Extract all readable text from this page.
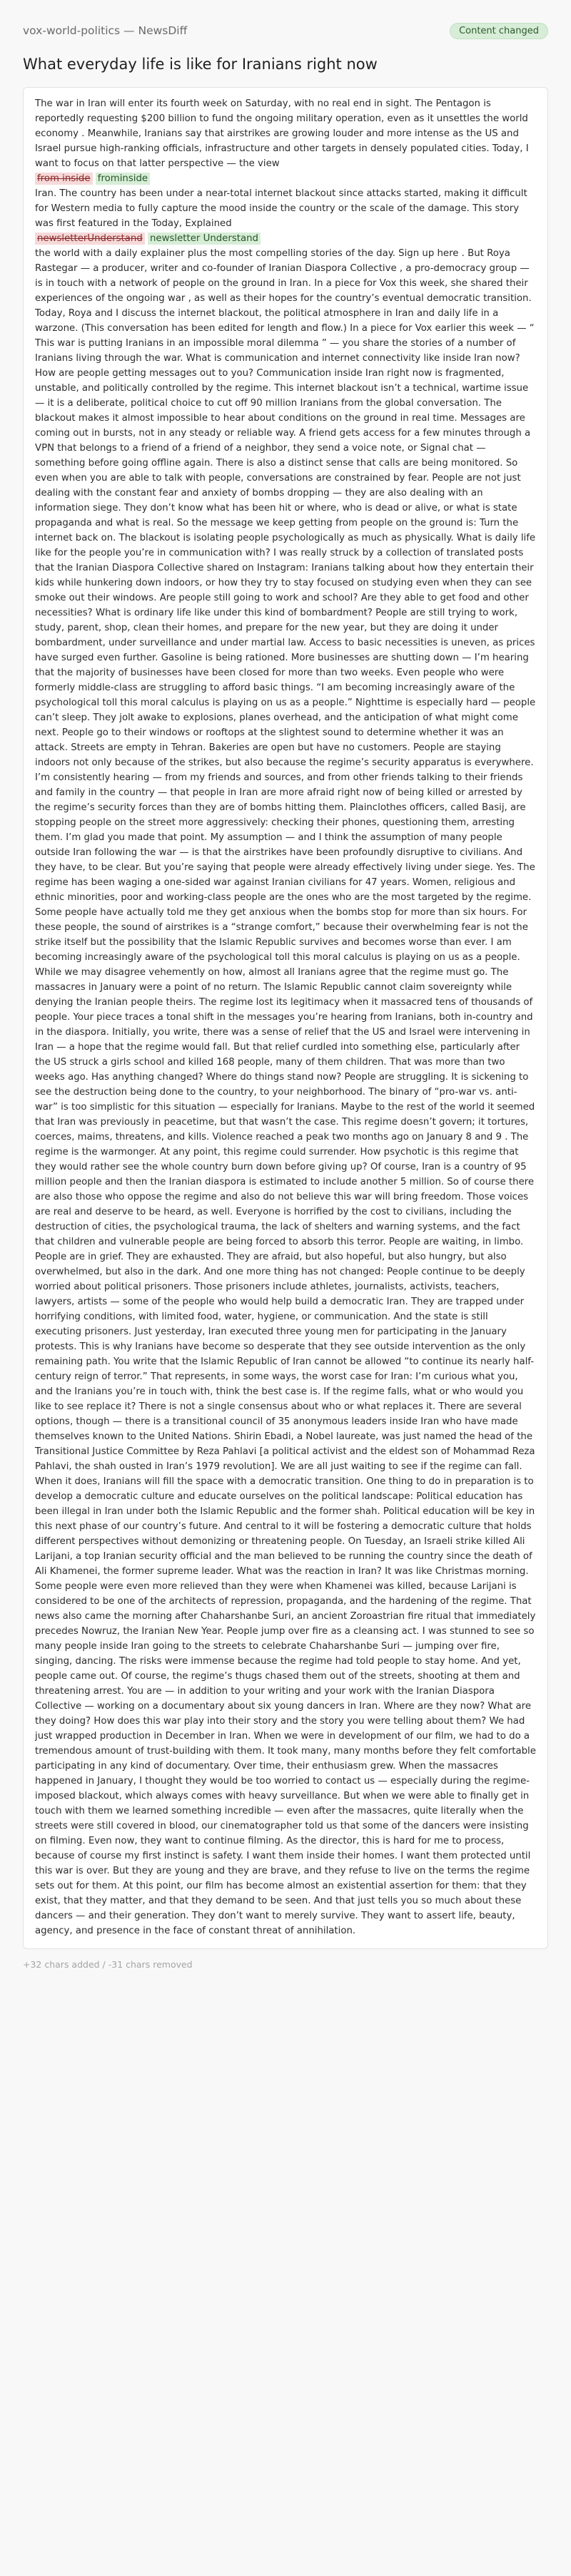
vox-world-politics — NewsDiff	Content changed
What everyday life is like for Iranians right now

The war in Iran will enter its fourth week on Saturday, with no real end in sight. The Pentagon is reportedly requesting $200 billion to fund the ongoing military operation, even as it unsettles the world economy . Meanwhile, Iranians say that airstrikes are growing louder and more intense as the US and Israel pursue high-ranking officials, infrastructure and other targets in densely populated cities. Today, I want to focus on that latter perspective — the view

from inside frominside

Iran. The country has been under a near-total internet blackout since attacks started, making it difficult for Western media to fully capture the mood inside the country or the scale of the damage. This story was first featured in the Today, Explained

newsletterUnderstand newsletter Understand

the world with a daily explainer plus the most compelling stories of the day. Sign up here . But Roya Rastegar — a producer, writer and co-founder of Iranian Diaspora Collective , a pro-democracy group — is in touch with a network of people on the ground in Iran. In a piece for Vox this week, she shared their experiences of the ongoing war , as well as their hopes for the country’s eventual democratic transition. Today, Roya and I discuss the internet blackout, the political atmosphere in Iran and daily life in a warzone. (This conversation has been edited for length and flow.) In a piece for Vox earlier this week — “ This war is putting Iranians in an impossible moral dilemma ” — you share the stories of a number of Iranians living through the war. What is communication and internet connectivity like inside Iran now? How are people getting messages out to you? Communication inside Iran right now is fragmented, unstable, and politically controlled by the regime. This internet blackout isn’t a technical, wartime issue — it is a deliberate, political choice to cut off 90 million Iranians from the global conversation. The blackout makes it almost impossible to hear about conditions on the ground in real time. Messages are coming out in bursts, not in any steady or reliable way. A friend gets access for a few minutes through a VPN that belongs to a friend of a friend of a neighbor, they send a voice note, or Signal chat — something before going offline again. There is also a distinct sense that calls are being monitored. So even when you are able to talk with people, conversations are constrained by fear. People are not just dealing with the constant fear and anxiety of bombs dropping — they are also dealing with an information siege. They don’t know what has been hit or where, who is dead or alive, or what is state propaganda and what is real. So the message we keep getting from people on the ground is: Turn the internet back on. The blackout is isolating people psychologically as much as physically. What is daily life like for the people you’re in communication with? I was really struck by a collection of translated posts that the Iranian Diaspora Collective shared on Instagram: Iranians talking about how they entertain their kids while hunkering down indoors, or how they try to stay focused on studying even when they can see smoke out their windows. Are people still going to work and school? Are they able to get food and other necessities? What is ordinary life like under this kind of bombardment? People are still trying to work, study, parent, shop, clean their homes, and prepare for the new year, but they are doing it under bombardment, under surveillance and under martial law. Access to basic necessities is uneven, as prices have surged even further. Gasoline is being rationed. More businesses are shutting down — I’m hearing that the majority of businesses have been closed for more than two weeks. Even people who were formerly middle-class are struggling to afford basic things. “I am becoming increasingly aware of the psychological toll this moral calculus is playing on us as a people.” Nighttime is especially hard — people can’t sleep. They jolt awake to explosions, planes overhead, and the anticipation of what might come next. People go to their windows or rooftops at the slightest sound to determine whether it was an attack. Streets are empty in Tehran. Bakeries are open but have no customers. People are staying indoors not only because of the strikes, but also because the regime’s security apparatus is everywhere. I’m consistently hearing — from my friends and sources, and from other friends talking to their friends and family in the country — that people in Iran are more afraid right now of being killed or arrested by the regime’s security forces than they are of bombs hitting them. Plainclothes officers, called Basij, are stopping people on the street more aggressively: checking their phones, questioning them, arresting them. I’m glad you made that point. My assumption — and I think the assumption of many people outside Iran following the war — is that the airstrikes have been profoundly disruptive to civilians. And they have, to be clear. But you’re saying that people were already effectively living under siege. Yes. The regime has been waging a one-sided war against Iranian civilians for 47 years. Women, religious and ethnic minorities, poor and working-class people are the ones who are the most targeted by the regime. Some people have actually told me they get anxious when the bombs stop for more than six hours. For these people, the sound of airstrikes is a “strange comfort,” because their overwhelming fear is not the strike itself but the possibility that the Islamic Republic survives and becomes worse than ever. I am becoming increasingly aware of the psychological toll this moral calculus is playing on us as a people. While we may disagree vehemently on how, almost all Iranians agree that the regime must go. The massacres in January were a point of no return. The Islamic Republic cannot claim sovereignty while denying the Iranian people theirs. The regime lost its legitimacy when it massacred tens of thousands of people. Your piece traces a tonal shift in the messages you’re hearing from Iranians, both in-country and in the diaspora. Initially, you write, there was a sense of relief that the US and Israel were intervening in Iran — a hope that the regime would fall. But that relief curdled into something else, particularly after the US struck a girls school and killed 168 people, many of them children. That was more than two weeks ago. Has anything changed? Where do things stand now? People are struggling. It is sickening to see the destruction being done to the country, to your neighborhood. The binary of “pro-war vs. anti-war” is too simplistic for this situation — especially for Iranians. Maybe to the rest of the world it seemed that Iran was previously in peacetime, but that wasn’t the case. This regime doesn’t govern; it tortures, coerces, maims, threatens, and kills. Violence reached a peak two months ago on January 8 and 9 . The regime is the warmonger. At any point, this regime could surrender. How psychotic is this regime that they would rather see the whole country burn down before giving up? Of course, Iran is a country of 95 million people and then the Iranian diaspora is estimated to include another 5 million. So of course there are also those who oppose the regime and also do not believe this war will bring freedom. Those voices are real and deserve to be heard, as well. Everyone is horrified by the cost to civilians, including the destruction of cities, the psychological trauma, the lack of shelters and warning systems, and the fact that children and vulnerable people are being forced to absorb this terror. People are waiting, in limbo. People are in grief. They are exhausted. They are afraid, but also hopeful, but also hungry, but also overwhelmed, but also in the dark. And one more thing has not changed: People continue to be deeply worried about political prisoners. Those prisoners include athletes, journalists, activists, teachers, lawyers, artists — some of the people who would help build a democratic Iran. They are trapped under horrifying conditions, with limited food, water, hygiene, or communication. And the state is still executing prisoners. Just yesterday, Iran executed three young men for participating in the January protests. This is why Iranians have become so desperate that they see outside intervention as the only remaining path. You write that the Islamic Republic of Iran cannot be allowed “to continue its nearly half-century reign of terror.” That represents, in some ways, the worst case for Iran: I’m curious what you, and the Iranians you’re in touch with, think the best case is. If the regime falls, what or who would you like to see replace it? There is not a single consensus about who or what replaces it. There are several options, though — there is a transitional council of 35 anonymous leaders inside Iran who have made themselves known to the United Nations. Shirin Ebadi, a Nobel laureate, was just named the head of the Transitional Justice Committee by Reza Pahlavi [a political activist and the eldest son of Mohammad Reza Pahlavi, the shah ousted in Iran’s 1979 revolution]. We are all just waiting to see if the regime can fall. When it does, Iranians will fill the space with a democratic transition. One thing to do in preparation is to develop a democratic culture and educate ourselves on the political landscape: Political education has been illegal in Iran under both the Islamic Republic and the former shah. Political education will be key in this next phase of our country’s future. And central to it will be fostering a democratic culture that holds different perspectives without demonizing or threatening people. On Tuesday, an Israeli strike killed Ali Larijani, a top Iranian security official and the man believed to be running the country since the death of Ali Khamenei, the former supreme leader. What was the reaction in Iran? It was like Christmas morning. Some people were even more relieved than they were when Khamenei was killed, because Larijani is considered to be one of the architects of repression, propaganda, and the hardening of the regime. That news also came the morning after Chaharshanbe Suri, an ancient Zoroastrian fire ritual that immediately precedes Nowruz, the Iranian New Year. People jump over fire as a cleansing act. I was stunned to see so many people inside Iran going to the streets to celebrate Chaharshanbe Suri — jumping over fire, singing, dancing. The risks were immense because the regime had told people to stay home. And yet, people came out. Of course, the regime’s thugs chased them out of the streets, shooting at them and threatening arrest. You are — in addition to your writing and your work with the Iranian Diaspora Collective — working on a documentary about six young dancers in Iran. Where are they now? What are they doing? How does this war play into their story and the story you were telling about them? We had just wrapped production in December in Iran. When we were in development of our film, we had to do a tremendous amount of trust-building with them. It took many, many months before they felt comfortable participating in any kind of documentary. Over time, their enthusiasm grew. When the massacres happened in January, I thought they would be too worried to contact us — especially during the regime-imposed blackout, which always comes with heavy surveillance. But when we were able to finally get in touch with them we learned something incredible — even after the massacres, quite literally when the streets were still covered in blood, our cinematographer told us that some of the dancers were insisting on filming. Even now, they want to continue filming. As the director, this is hard for me to process, because of course my first instinct is safety. I want them inside their homes. I want them protected until this war is over. But they are young and they are brave, and they refuse to live on the terms the regime sets out for them. At this point, our film has become almost an existential assertion for them: that they exist, that they matter, and that they demand to be seen. And that just tells you so much about these dancers — and their generation. They don’t want to merely survive. They want to assert life, beauty, agency, and presence in the face of constant threat of annihilation.

+32 chars added / -31 chars removed
